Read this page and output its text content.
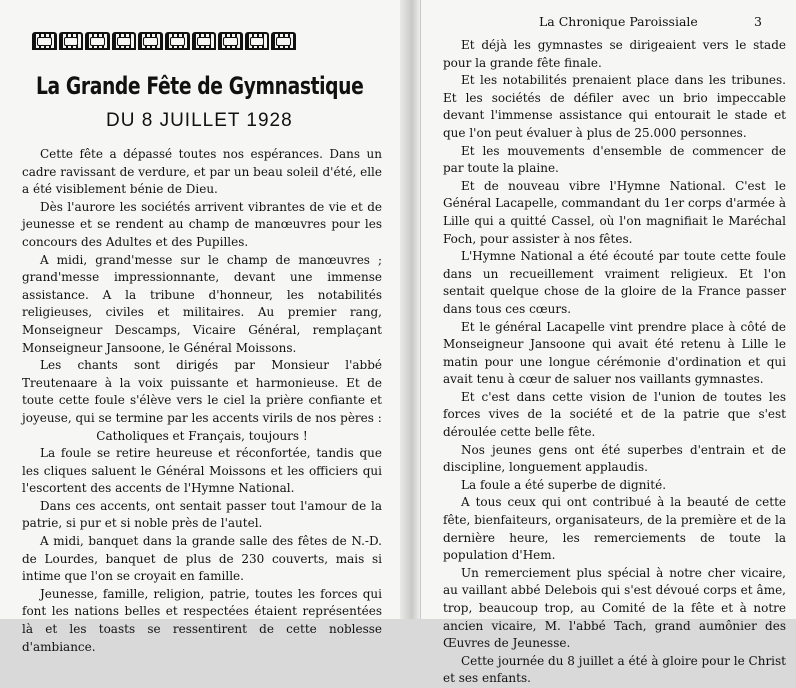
La Grande Fête de Gymnastique
DU 8 JUILLET 1928

Cette fête a dépassé toutes nos espérances. Dans un cadre ravissant de verdure, et par un beau soleil d'été, elle a été visiblement bénie de Dieu.

Dès l'aurore les sociétés arrivent vibrantes de vie et de jeunesse et se rendent au champ de manœuvres pour les concours des Adultes et des Pupilles.

A midi, grand'messe sur le champ de manœuvres ; grand'messe impressionnante, devant une immense assistance. A la tribune d'honneur, les notabilités religieuses, civiles et militaires. Au premier rang, Monseigneur Descamps, Vicaire Général, remplaçant Monseigneur Jansoone, le Général Moissons.

Les chants sont dirigés par Monsieur l'abbé Treutenaare à la voix puissante et harmonieuse. Et de toute cette foule s'élève vers le ciel la prière confiante et joyeuse, qui se termine par les accents virils de nos pères :

Catholiques et Français, toujours !

La foule se retire heureuse et réconfortée, tandis que les cliques saluent le Général Moissons et les officiers qui l'escortent des accents de l'Hymne National.

Dans ces accents, ont sentait passer tout l'amour de la patrie, si pur et si noble près de l'autel.

A midi, banquet dans la grande salle des fêtes de N.-D. de Lourdes, banquet de plus de 230 couverts, mais si intime que l'on se croyait en famille.

Jeunesse, famille, religion, patrie, toutes les forces qui font les nations belles et respectées étaient représentées là et les toasts se ressentirent de cette noblesse d'ambiance.

La Chronique Paroissiale	3

Et déjà les gymnastes se dirigeaient vers le stade pour la grande fête finale.

Et les notabilités prenaient place dans les tribunes. Et les sociétés de défiler avec un brio impeccable devant l'immense assistance qui entourait le stade et que l'on peut évaluer à plus de 25.000 personnes.

Et les mouvements d'ensemble de commencer de par toute la plaine.

Et de nouveau vibre l'Hymne National. C'est le Général Lacapelle, commandant du 1er corps d'armée à Lille qui a quitté Cassel, où l'on magnifiait le Maréchal Foch, pour assister à nos fêtes.

L'Hymne National a été écouté par toute cette foule dans un recueillement vraiment religieux. Et l'on sentait quelque chose de la gloire de la France passer dans tous ces cœurs.

Et le général Lacapelle vint prendre place à côté de Monseigneur Jansoone qui avait été retenu à Lille le matin pour une longue cérémonie d'ordination et qui avait tenu à cœur de saluer nos vaillants gymnastes.

Et c'est dans cette vision de l'union de toutes les forces vives de la société et de la patrie que s'est déroulée cette belle fête.

Nos jeunes gens ont été superbes d'entrain et de discipline, longuement applaudis.

La foule a été superbe de dignité.

A tous ceux qui ont contribué à la beauté de cette fête, bienfaiteurs, organisateurs, de la première et de la dernière heure, les remerciements de toute la population d'Hem.

Un remerciement plus spécial à notre cher vicaire, au vaillant abbé Delebois qui s'est dévoué corps et âme, trop, beaucoup trop, au Comité de la fête et à notre ancien vicaire, M. l'abbé Tach, grand aumônier des Œuvres de Jeunesse.

Cette journée du 8 juillet a été à gloire pour le Christ et ses enfants.
